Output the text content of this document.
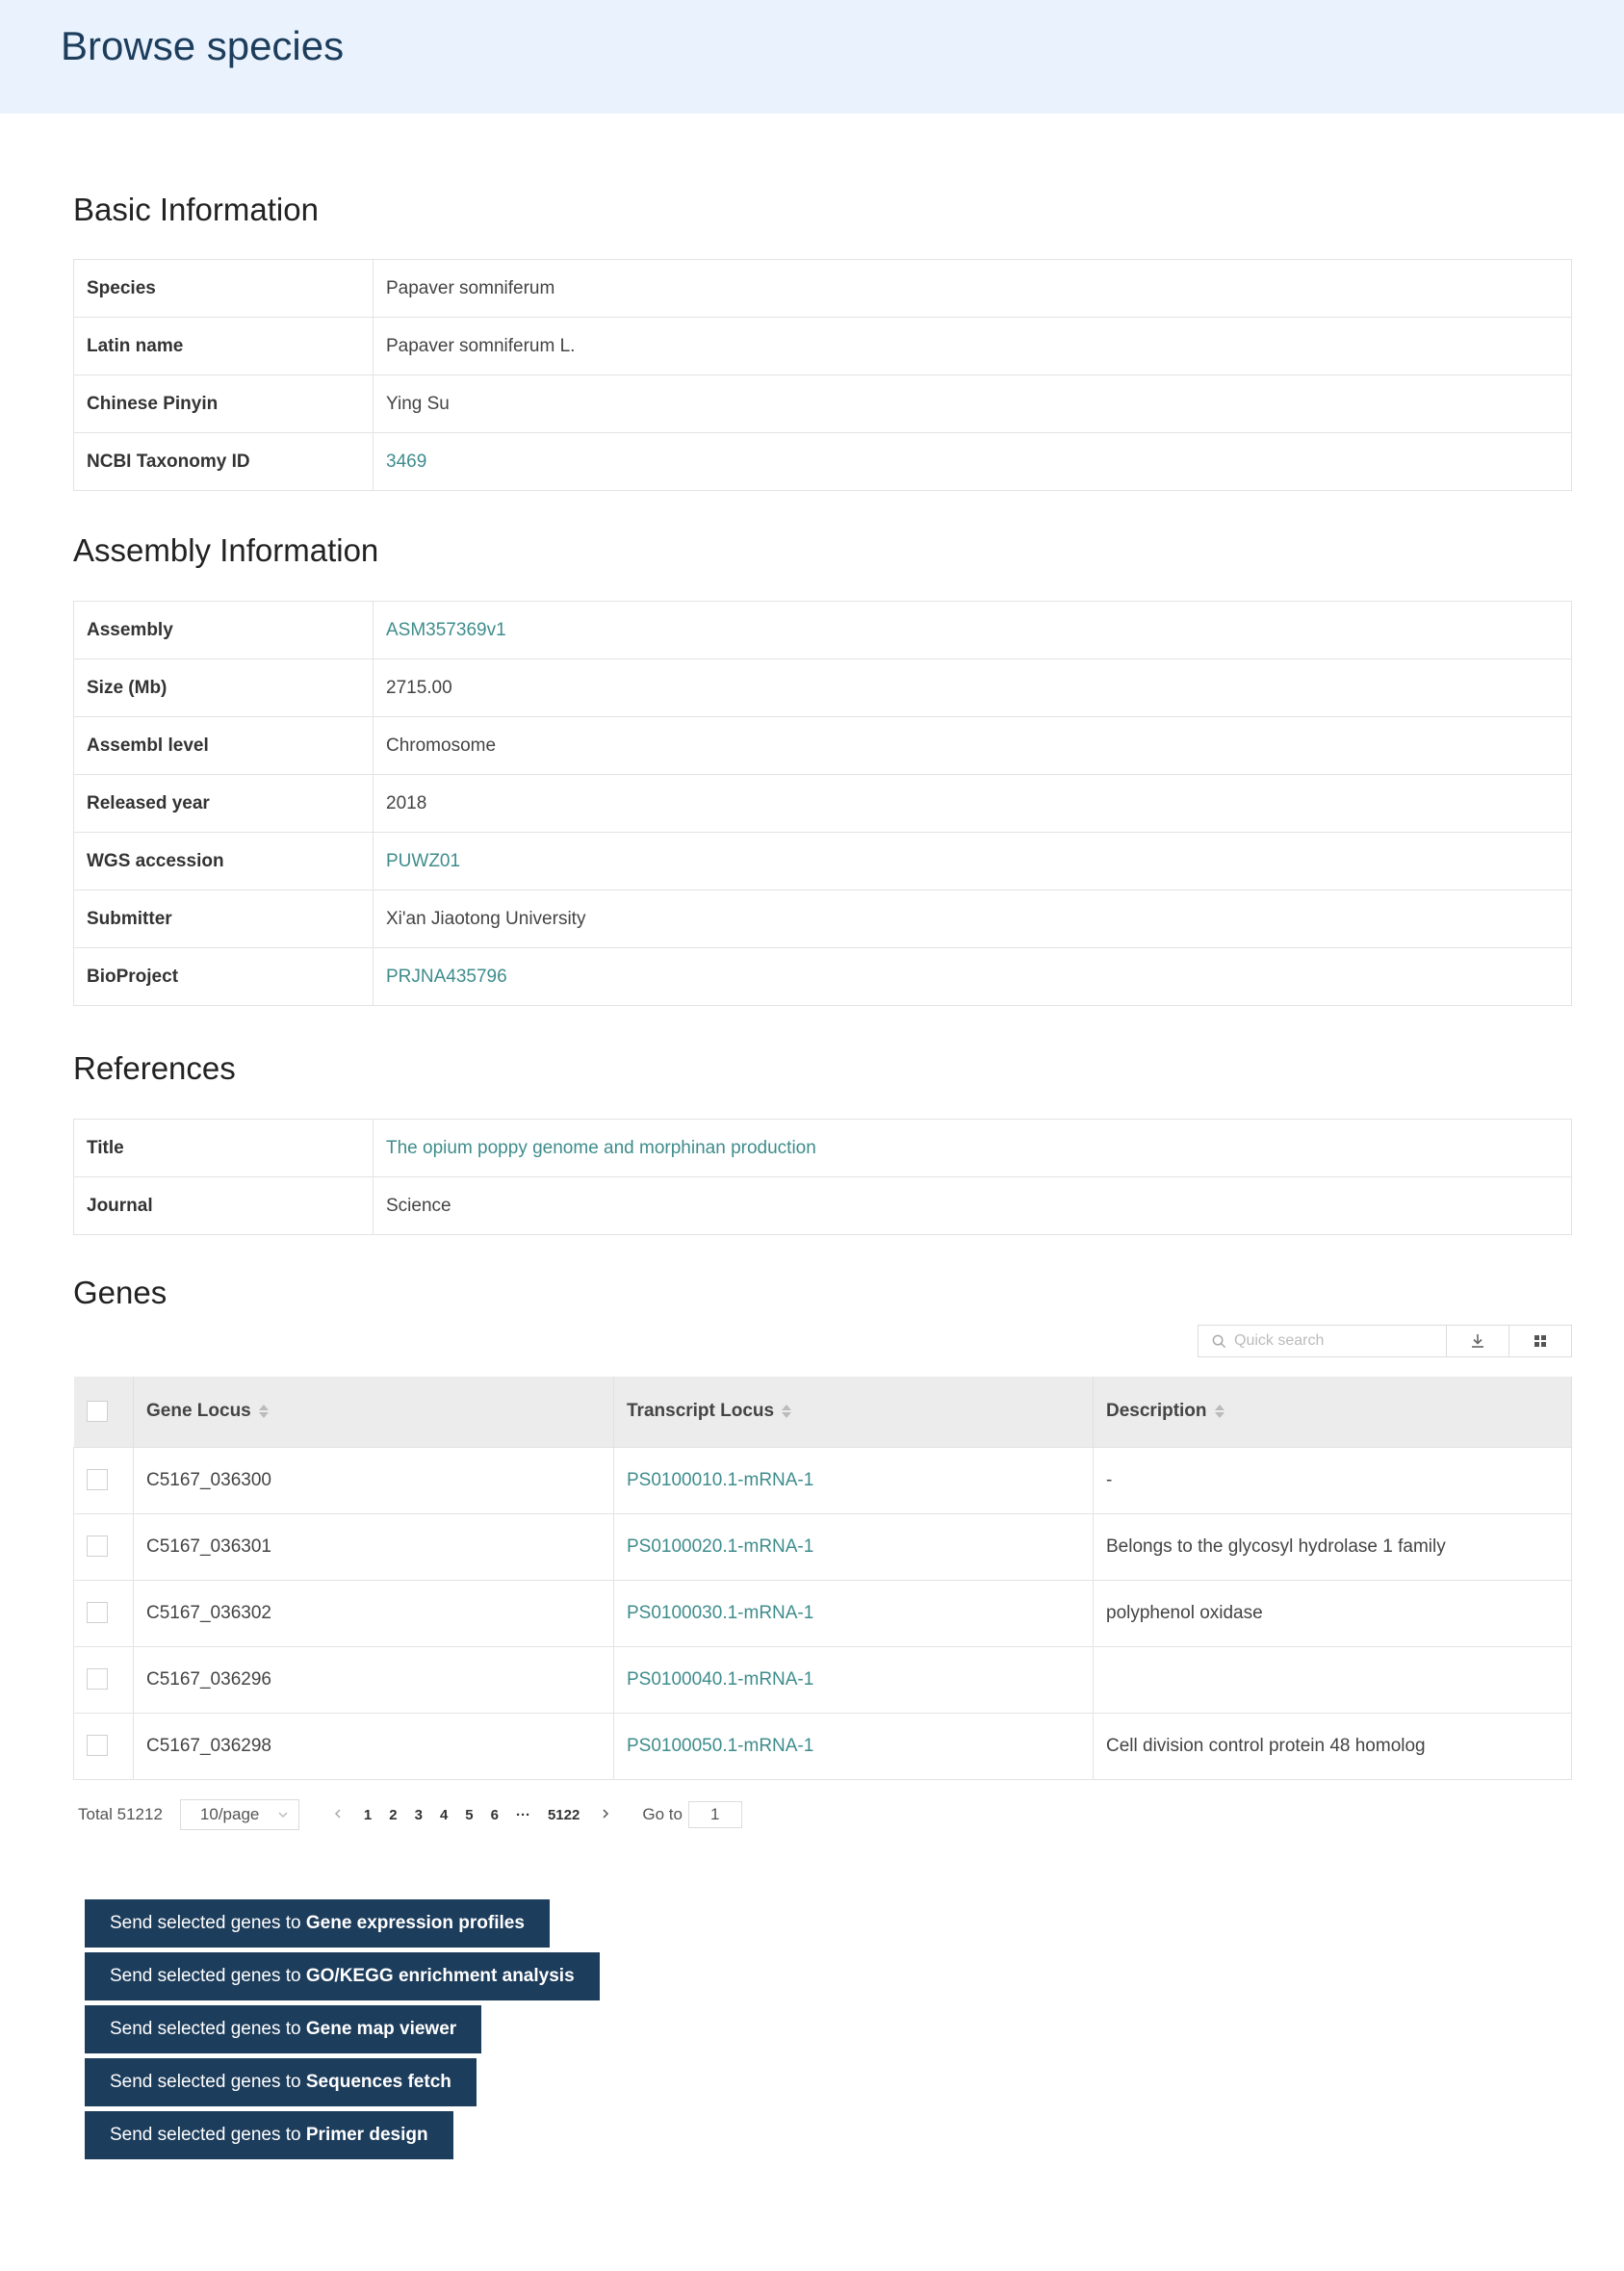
Browse species
Basic Information
Species	Papaver somniferum
Latin name	Papaver somniferum L.
Chinese Pinyin	Ying Su
NCBI Taxonomy ID	3469
Assembly Information
Assembly	ASM357369v1
Size (Mb)	2715.00
Assembl level	Chromosome
Released year	2018
WGS accession	PUWZ01
Submitter	Xi'an Jiaotong University
BioProject	PRJNA435796
References
Title	The opium poppy genome and morphinan production
Journal	Science
Genes
Quick search
	Gene Locus	Transcript Locus	Description

	C5167_036300	PS0100010.1-mRNA-1	-
	C5167_036301	PS0100020.1-mRNA-1	Belongs to the glycosyl hydrolase 1 family
	C5167_036302	PS0100030.1-mRNA-1	polyphenol oxidase
	C5167_036296	PS0100040.1-mRNA-1	
	C5167_036298	PS0100050.1-mRNA-1	Cell division control protein 48 homolog
Total 51212 10/page	1 2 3 4 5 6 ··· 5122	Go to	1
Send selected genes to Gene expression profiles
Send selected genes to GO/KEGG enrichment analysis
Send selected genes to Gene map viewer
Send selected genes to Sequences fetch
Send selected genes to Primer design
